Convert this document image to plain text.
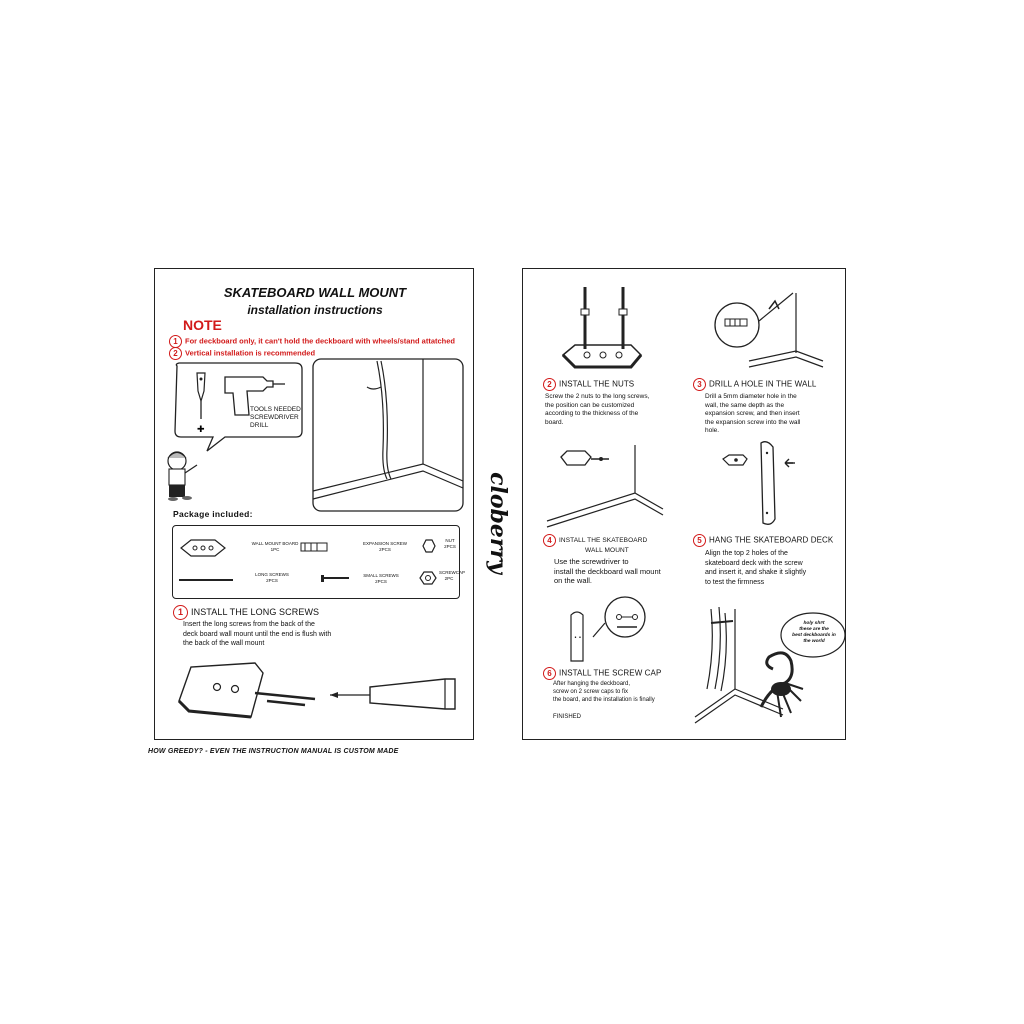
SKATEBOARD WALL MOUNT
installation instructions
NOTE
1 For deckboard only, it can't hold the deckboard with wheels/stand attatched
2 Vertical installation is recommended
✚
TOOLS NEEDED
SCREWDRIVER
DRILL
Package included:
WALL MOUNT BOARD
1PC
EXPANSION SCREW
2PCS
NUT
2PCS
LONG SCREWS
2PCS
SMALL SCREWS
2PCS
SCREWCAP
2PC
1 INSTALL THE LONG SCREWS
Insert the long screws from the back of the
deck board wall mount until the end is flush with
the back of the wall mount
cloberry
2 INSTALL THE NUTS
Screw the 2 nuts to the long screws,
the position can be customized
according to the thickness of the
board.
3 DRILL A HOLE IN THE WALL
Drill a 5mm diameter hole in the
wall, the same depth as the
expansion screw, and then insert
the expansion screw into the wall
hole.
4 INSTALL THE SKATEBOARD
WALL MOUNT
Use the screwdriver to
install the deckboard wall mount
on the wall.
5 HANG THE SKATEBOARD DECK
Align the top 2 holes of the
skateboard deck with the screw
and insert it, and shake it slightly
to test the firmness
• •
6 INSTALL THE SCREW CAP
After hanging the deckboard,
screw on 2 screw caps to fix
the board, and the installation is finally
FINISHED
holy sh#t
these are the
best deckboards in
the world
HOW GREEDY? - EVEN THE INSTRUCTION MANUAL IS CUSTOM MADE
